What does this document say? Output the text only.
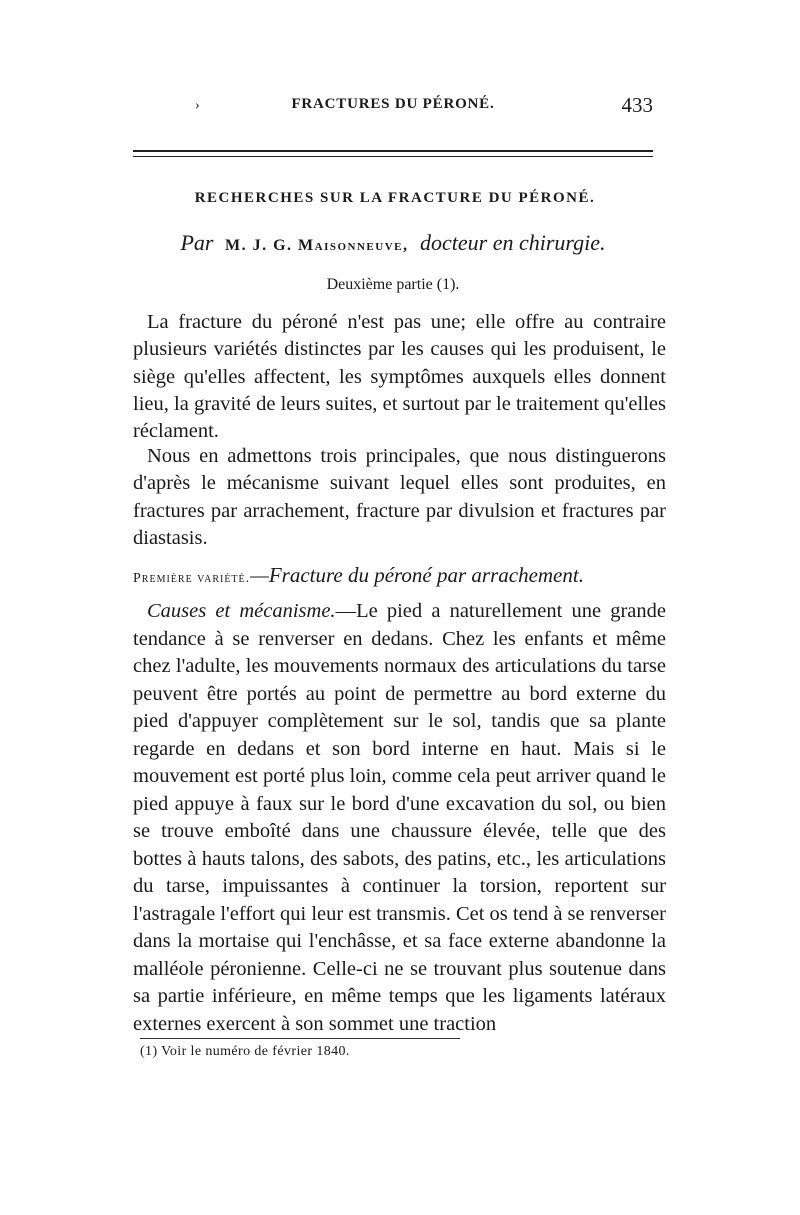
›	FRACTURES DU PÉRONÉ.	433
RECHERCHES SUR LA FRACTURE DU PÉRONÉ.
Par M. J. G. Maisonneuve, docteur en chirurgie.
Deuxième partie (1).

La fracture du péroné n'est pas une; elle offre au contraire plusieurs variétés distinctes par les causes qui les produisent, le siège qu'elles affectent, les symptômes auxquels elles donnent lieu, la gravité de leurs suites, et surtout par le traitement qu'elles réclament.

Nous en admettons trois principales, que nous distinguerons d'après le mécanisme suivant lequel elles sont produites, en fractures par arrachement, fracture par divulsion et fractures par diastasis.

Première variété.—Fracture du péroné par arrachement.

Causes et mécanisme.—Le pied a naturellement une grande tendance à se renverser en dedans. Chez les enfants et même chez l'adulte, les mouvements normaux des articulations du tarse peuvent être portés au point de permettre au bord externe du pied d'appuyer complètement sur le sol, tandis que sa plante regarde en dedans et son bord interne en haut. Mais si le mouvement est porté plus loin, comme cela peut arriver quand le pied appuye à faux sur le bord d'une excavation du sol, ou bien se trouve emboîté dans une chaussure élevée, telle que des bottes à hauts talons, des sabots, des patins, etc., les articulations du tarse, impuissantes à continuer la torsion, reportent sur l'astragale l'effort qui leur est transmis. Cet os tend à se renverser dans la mortaise qui l'enchâsse, et sa face externe abandonne la malléole péronienne. Celle-ci ne se trouvant plus soutenue dans sa partie inférieure, en même temps que les ligaments latéraux externes exercent à son sommet une traction

(1) Voir le numéro de février 1840.
